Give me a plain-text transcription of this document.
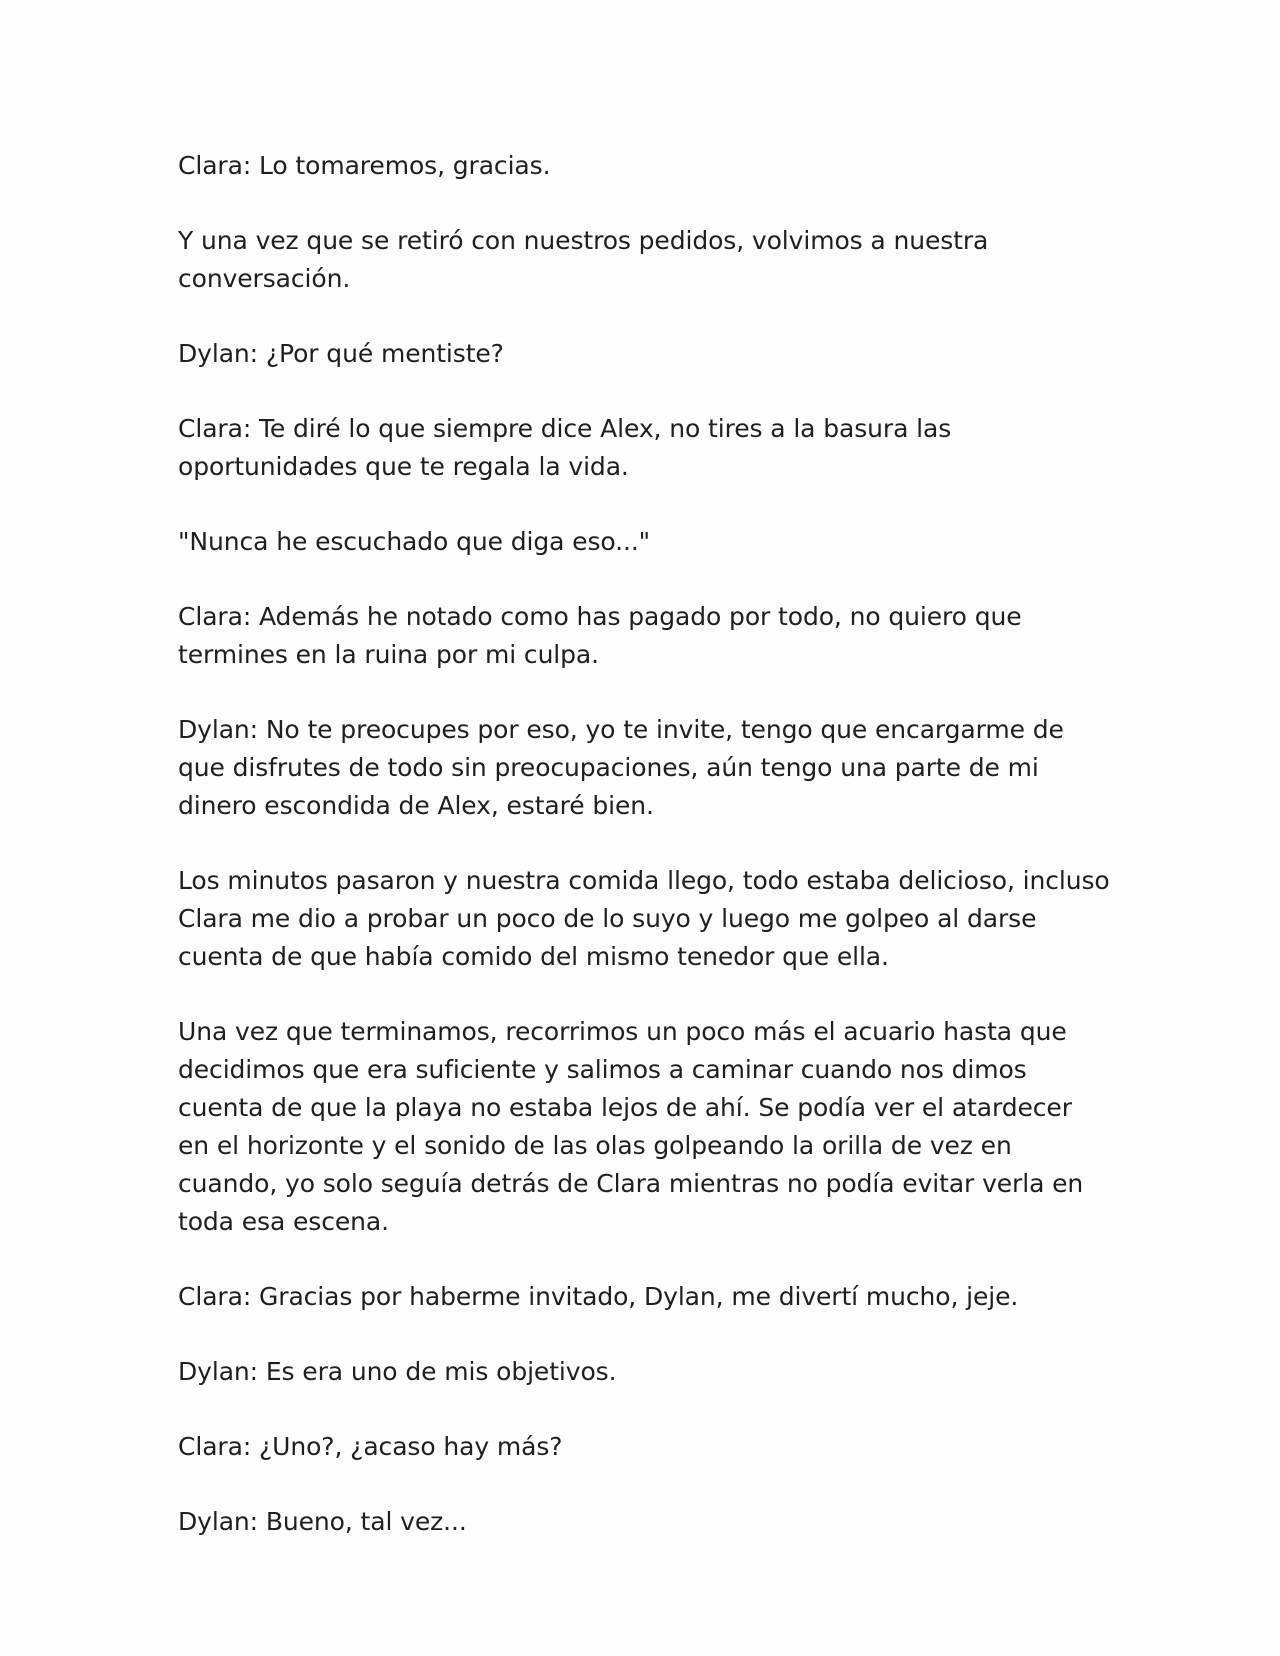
Clara: Lo tomaremos, gracias.

Y una vez que se retiró con nuestros pedidos, volvimos a nuestra conversación.

Dylan: ¿Por qué mentiste?

Clara: Te diré lo que siempre dice Alex, no tires a la basura las oportunidades que te regala la vida.

"Nunca he escuchado que diga eso..."

Clara: Además he notado como has pagado por todo, no quiero que termines en la ruina por mi culpa.

Dylan: No te preocupes por eso, yo te invite, tengo que encargarme de que disfrutes de todo sin preocupaciones, aún tengo una parte de mi dinero escondida de Alex, estaré bien.

Los minutos pasaron y nuestra comida llego, todo estaba delicioso, incluso Clara me dio a probar un poco de lo suyo y luego me golpeo al darse cuenta de que había comido del mismo tenedor que ella.

Una vez que terminamos, recorrimos un poco más el acuario hasta que decidimos que era suficiente y salimos a caminar cuando nos dimos cuenta de que la playa no estaba lejos de ahí. Se podía ver el atardecer en el horizonte y el sonido de las olas golpeando la orilla de vez en cuando, yo solo seguía detrás de Clara mientras no podía evitar verla en toda esa escena.

Clara: Gracias por haberme invitado, Dylan, me divertí mucho, jeje.

Dylan: Es era uno de mis objetivos.

Clara: ¿Uno?, ¿acaso hay más?

Dylan: Bueno, tal vez...
